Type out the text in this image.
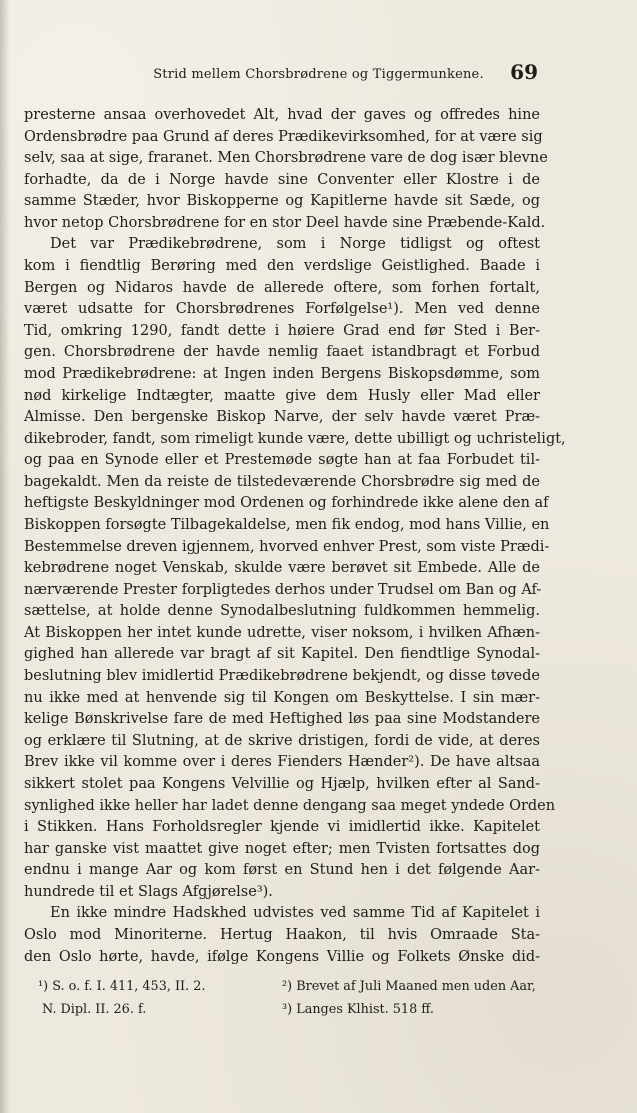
Strid mellem Chorsbrødrene og Tiggermunkene.	69
presterne ansaa overhovedet Alt, hvad der gaves og offredes hine
Ordensbrødre paa Grund af deres Prædikevirksomhed, for at være sig
selv, saa at sige, fraranet. Men Chorsbrødrene vare de dog især blevne
forhadte, da de i Norge havde sine Conventer eller Klostre i de
samme Stæder, hvor Biskopperne og Kapitlerne havde sit Sæde, og
hvor netop Chorsbrødrene for en stor Deel havde sine Præbende-Kald.
Det var Prædikebrødrene, som i Norge tidligst og oftest
kom i fiendtlig Berøring med den verdslige Geistlighed. Baade i
Bergen og Nidaros havde de allerede oftere, som forhen fortalt,
været udsatte for Chorsbrødrenes Forfølgelse¹). Men ved denne
Tid, omkring 1290, fandt dette i høiere Grad end før Sted i Ber-
gen. Chorsbrødrene der havde nemlig faaet istandbragt et Forbud
mod Prædikebrødrene: at Ingen inden Bergens Biskopsdømme, som
nød kirkelige Indtægter, maatte give dem Husly eller Mad eller
Almisse. Den bergenske Biskop Narve, der selv havde været Præ-
dikebroder, fandt, som rimeligt kunde være, dette ubilligt og uchristeligt,
og paa en Synode eller et Prestemøde søgte han at faa Forbudet til-
bagekaldt. Men da reiste de tilstedeværende Chorsbrødre sig med de
heftigste Beskyldninger mod Ordenen og forhindrede ikke alene den af
Biskoppen forsøgte Tilbagekaldelse, men fik endog, mod hans Villie, en
Bestemmelse dreven igjennem, hvorved enhver Prest, som viste Prædi-
kebrødrene noget Venskab, skulde være berøvet sit Embede. Alle de
nærværende Prester forpligtedes derhos under Trudsel om Ban og Af-
sættelse, at holde denne Synodalbeslutning fuldkommen hemmelig.
At Biskoppen her intet kunde udrette, viser noksom, i hvilken Afhæn-
gighed han allerede var bragt af sit Kapitel. Den fiendtlige Synodal-
beslutning blev imidlertid Prædikebrødrene bekjendt, og disse tøvede
nu ikke med at henvende sig til Kongen om Beskyttelse. I sin mær-
kelige Bønskrivelse fare de med Heftighed løs paa sine Modstandere
og erklære til Slutning, at de skrive dristigen, fordi de vide, at deres
Brev ikke vil komme over i deres Fienders Hænder²). De have altsaa
sikkert stolet paa Kongens Velvillie og Hjælp, hvilken efter al Sand-
synlighed ikke heller har ladet denne dengang saa meget yndede Orden
i Stikken. Hans Forholdsregler kjende vi imidlertid ikke. Kapitelet
har ganske vist maattet give noget efter; men Tvisten fortsattes dog
endnu i mange Aar og kom først en Stund hen i det følgende Aar-
hundrede til et Slags Afgjørelse³).
En ikke mindre Hadskhed udvistes ved samme Tid af Kapitelet i
Oslo mod Minoriterne. Hertug Haakon, til hvis Omraade Sta-
den Oslo hørte, havde, ifølge Kongens Villie og Folkets Ønske did-
¹) S. o. f. I. 411, 453, II. 2.	²) Brevet af Juli Maaned men uden Aar,
N. Dipl. II. 26. f.	³) Langes Klhist. 518 ff.
